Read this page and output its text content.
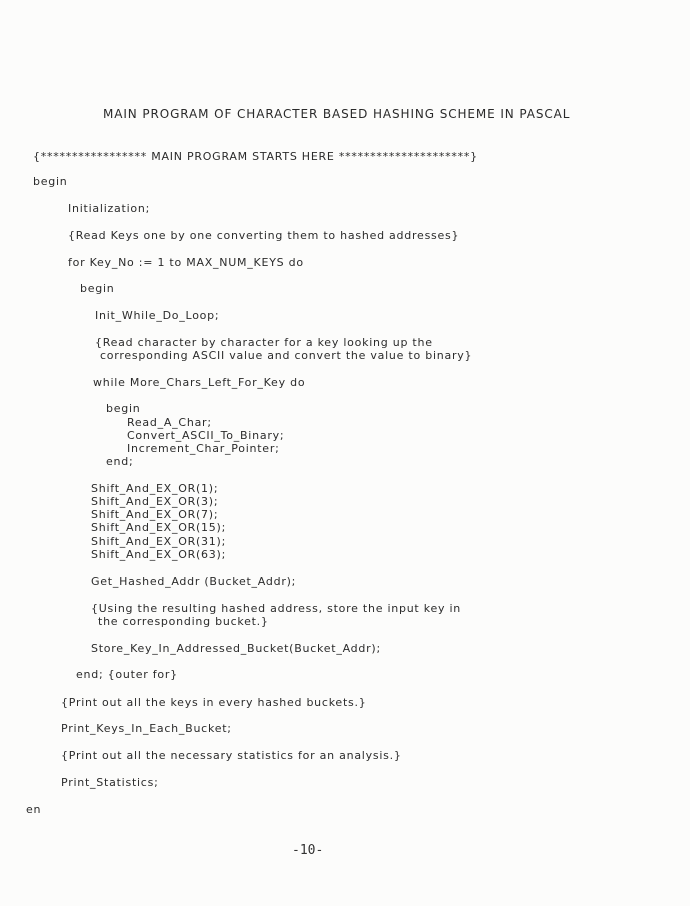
MAIN PROGRAM OF CHARACTER BASED HASHING SCHEME IN PASCAL
{***************** MAIN PROGRAM STARTS HERE *********************}
begin
Initialization;
{Read Keys one by one converting them to hashed addresses}
for Key_No := 1 to MAX_NUM_KEYS do
begin
Init_While_Do_Loop;
{Read character by character for a key looking up the
corresponding ASCII value and convert the value to binary}
while More_Chars_Left_For_Key do
begin
Read_A_Char;
Convert_ASCII_To_Binary;
Increment_Char_Pointer;
end;
Shift_And_EX_OR(1);
Shift_And_EX_OR(3);
Shift_And_EX_OR(7);
Shift_And_EX_OR(15);
Shift_And_EX_OR(31);
Shift_And_EX_OR(63);
Get_Hashed_Addr (Bucket_Addr);
{Using the resulting hashed address, store the input key in
the corresponding bucket.}
Store_Key_In_Addressed_Bucket(Bucket_Addr);
end; {outer for}
{Print out all the keys in every hashed buckets.}
Print_Keys_In_Each_Bucket;
{Print out all the necessary statistics for an analysis.}
Print_Statistics;
en
-10-
